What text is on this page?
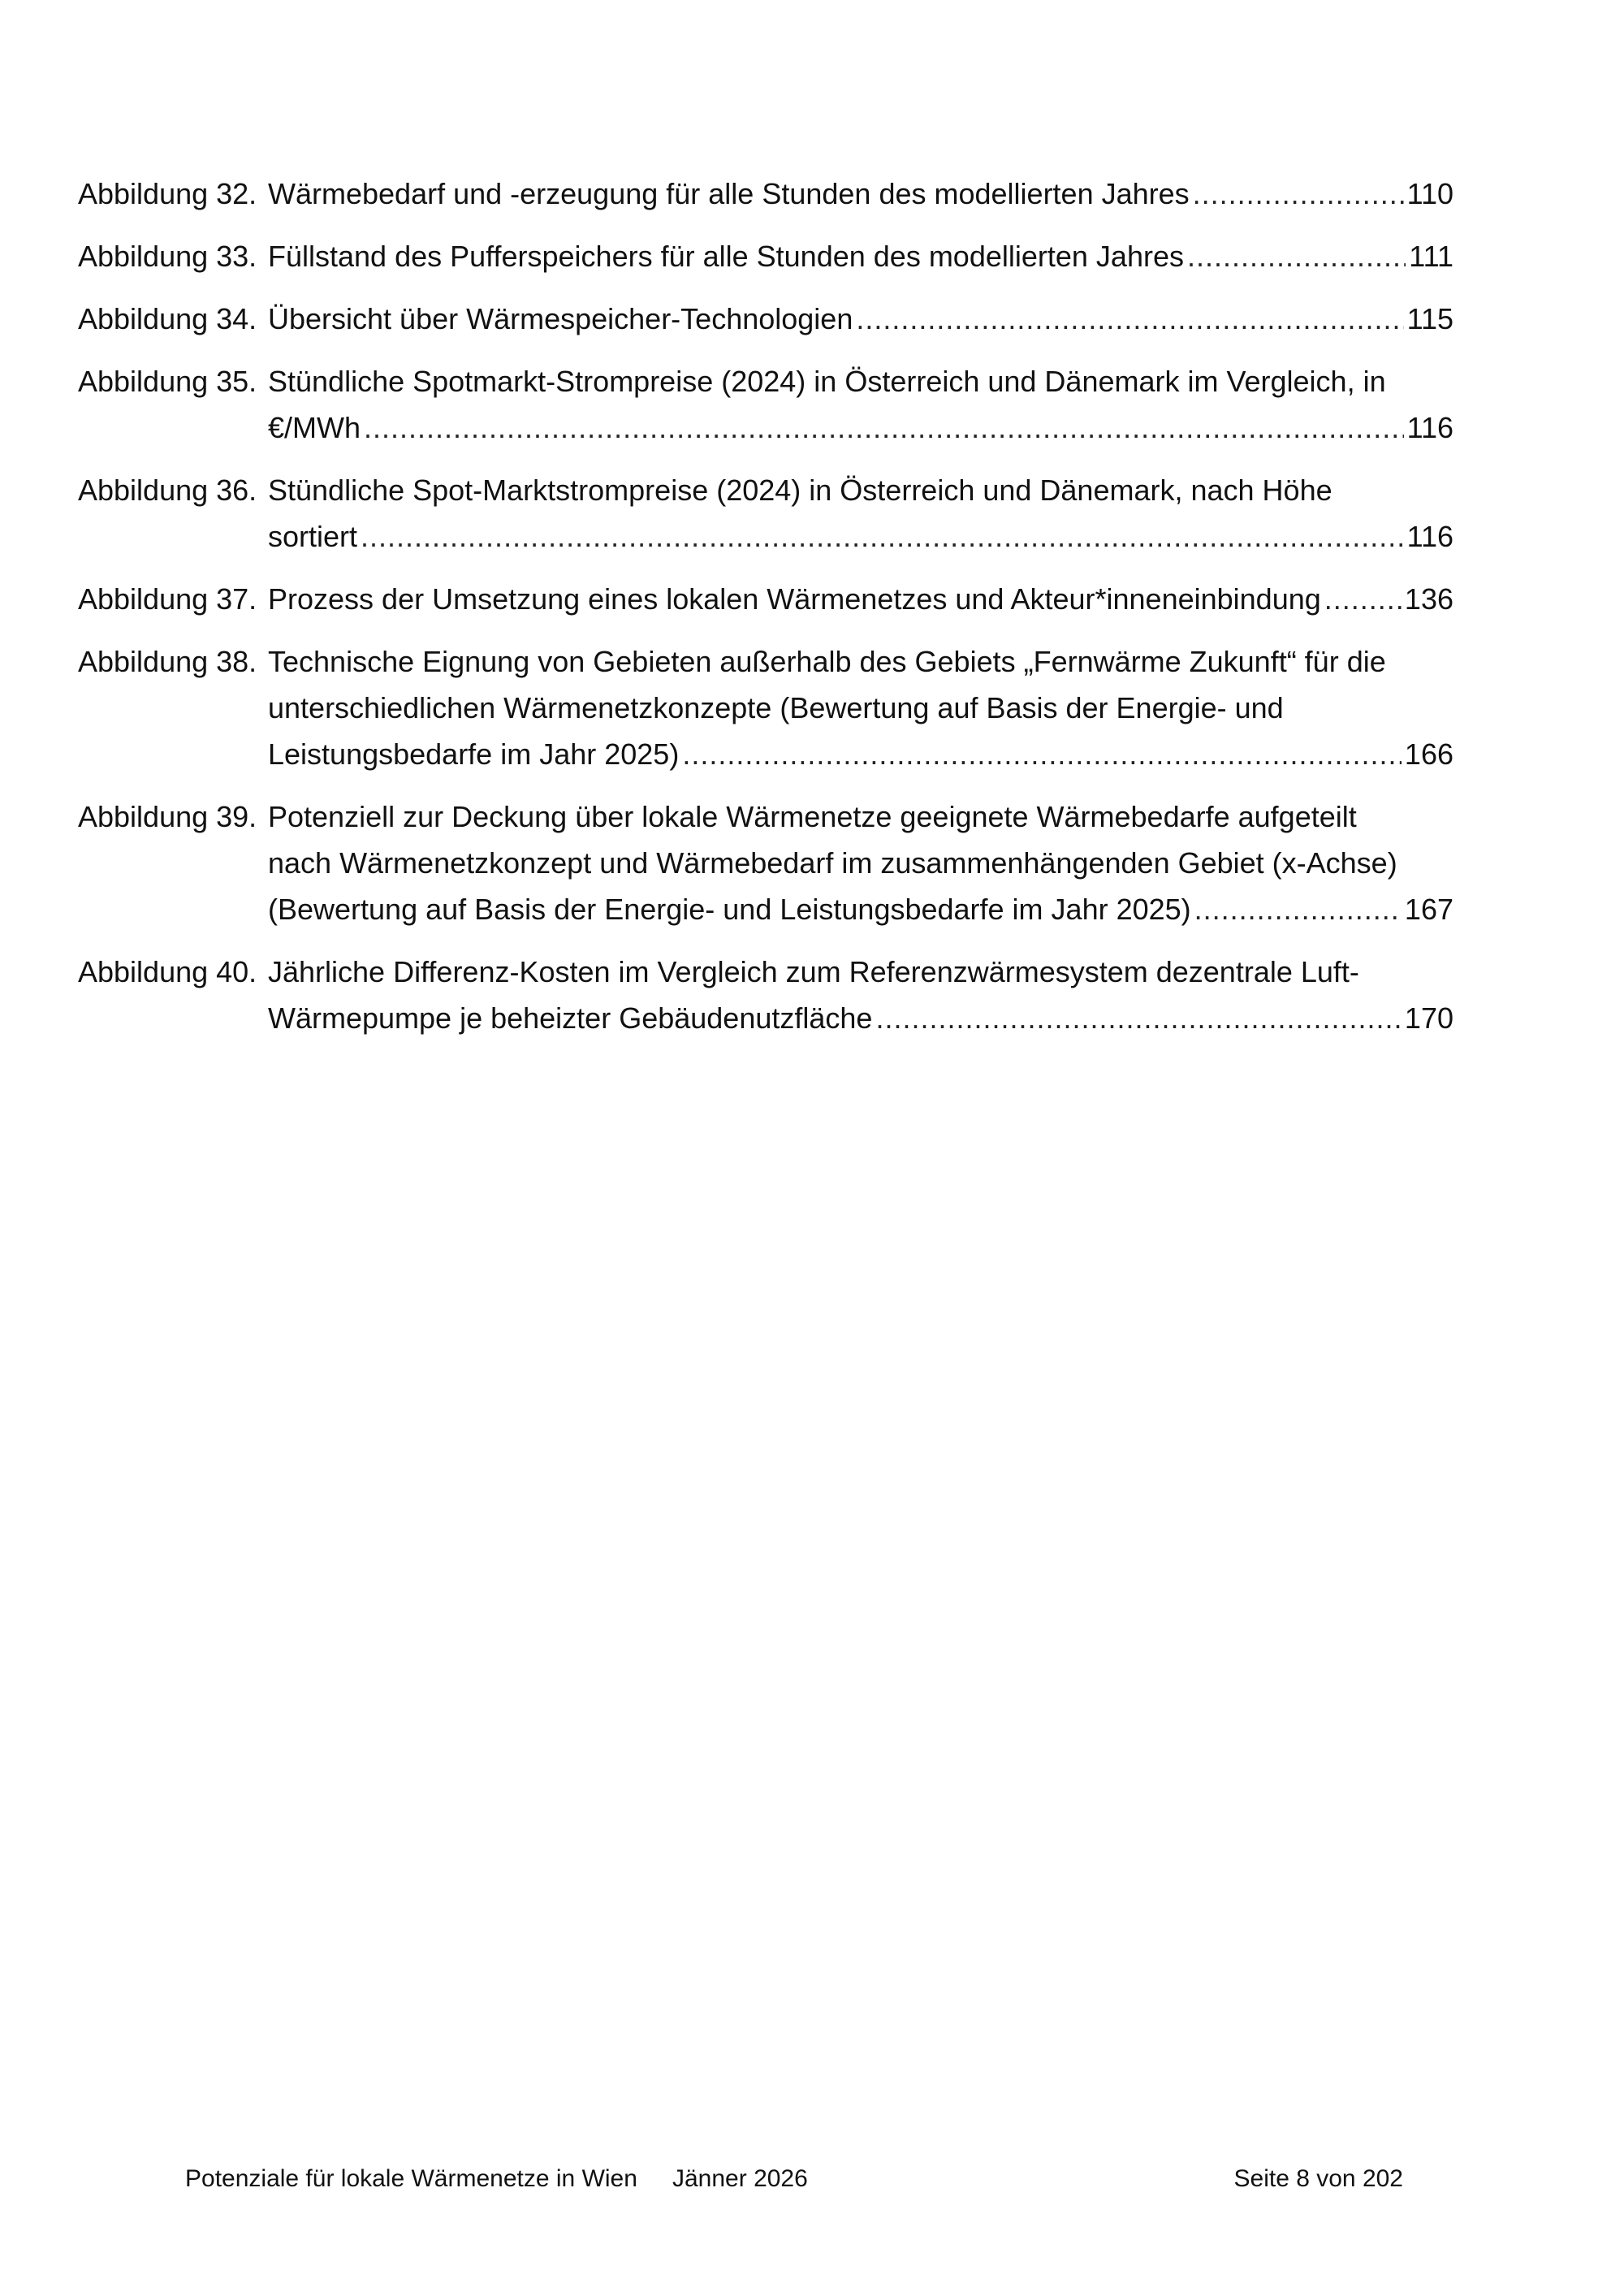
Abbildung 32. Wärmebedarf und -erzeugung für alle Stunden des modellierten Jahres .....	110
Abbildung 33. Füllstand des Pufferspeichers für alle Stunden des modellierten Jahres .....	111
Abbildung 34. Übersicht über Wärmespeicher-Technologien .....	115
Abbildung 35. Stündliche Spotmarkt-Strompreise (2024) in Österreich und Dänemark im Vergleich, in
€/MWh .....	116
Abbildung 36. Stündliche Spot-Marktstrompreise (2024) in Österreich und Dänemark, nach Höhe
sortiert .....	116
Abbildung 37. Prozess der Umsetzung eines lokalen Wärmenetzes und Akteur*inneneinbindung .....	136
Abbildung 38. Technische Eignung von Gebieten außerhalb des Gebiets „Fernwärme Zukunft“ für die
unterschiedlichen Wärmenetzkonzepte (Bewertung auf Basis der Energie- und
Leistungsbedarfe im Jahr 2025) .....	166
Abbildung 39. Potenziell zur Deckung über lokale Wärmenetze geeignete Wärmebedarfe aufgeteilt
nach Wärmenetzkonzept und Wärmebedarf im zusammenhängenden Gebiet (x-Achse)
(Bewertung auf Basis der Energie- und Leistungsbedarfe im Jahr 2025) .....	167
Abbildung 40. Jährliche Differenz-Kosten im Vergleich zum Referenzwärmesystem dezentrale Luft-
Wärmepumpe je beheizter Gebäudenutzfläche .....	170
Potenziale für lokale Wärmenetze in Wien Jänner 2026	Seite 8 von 202
